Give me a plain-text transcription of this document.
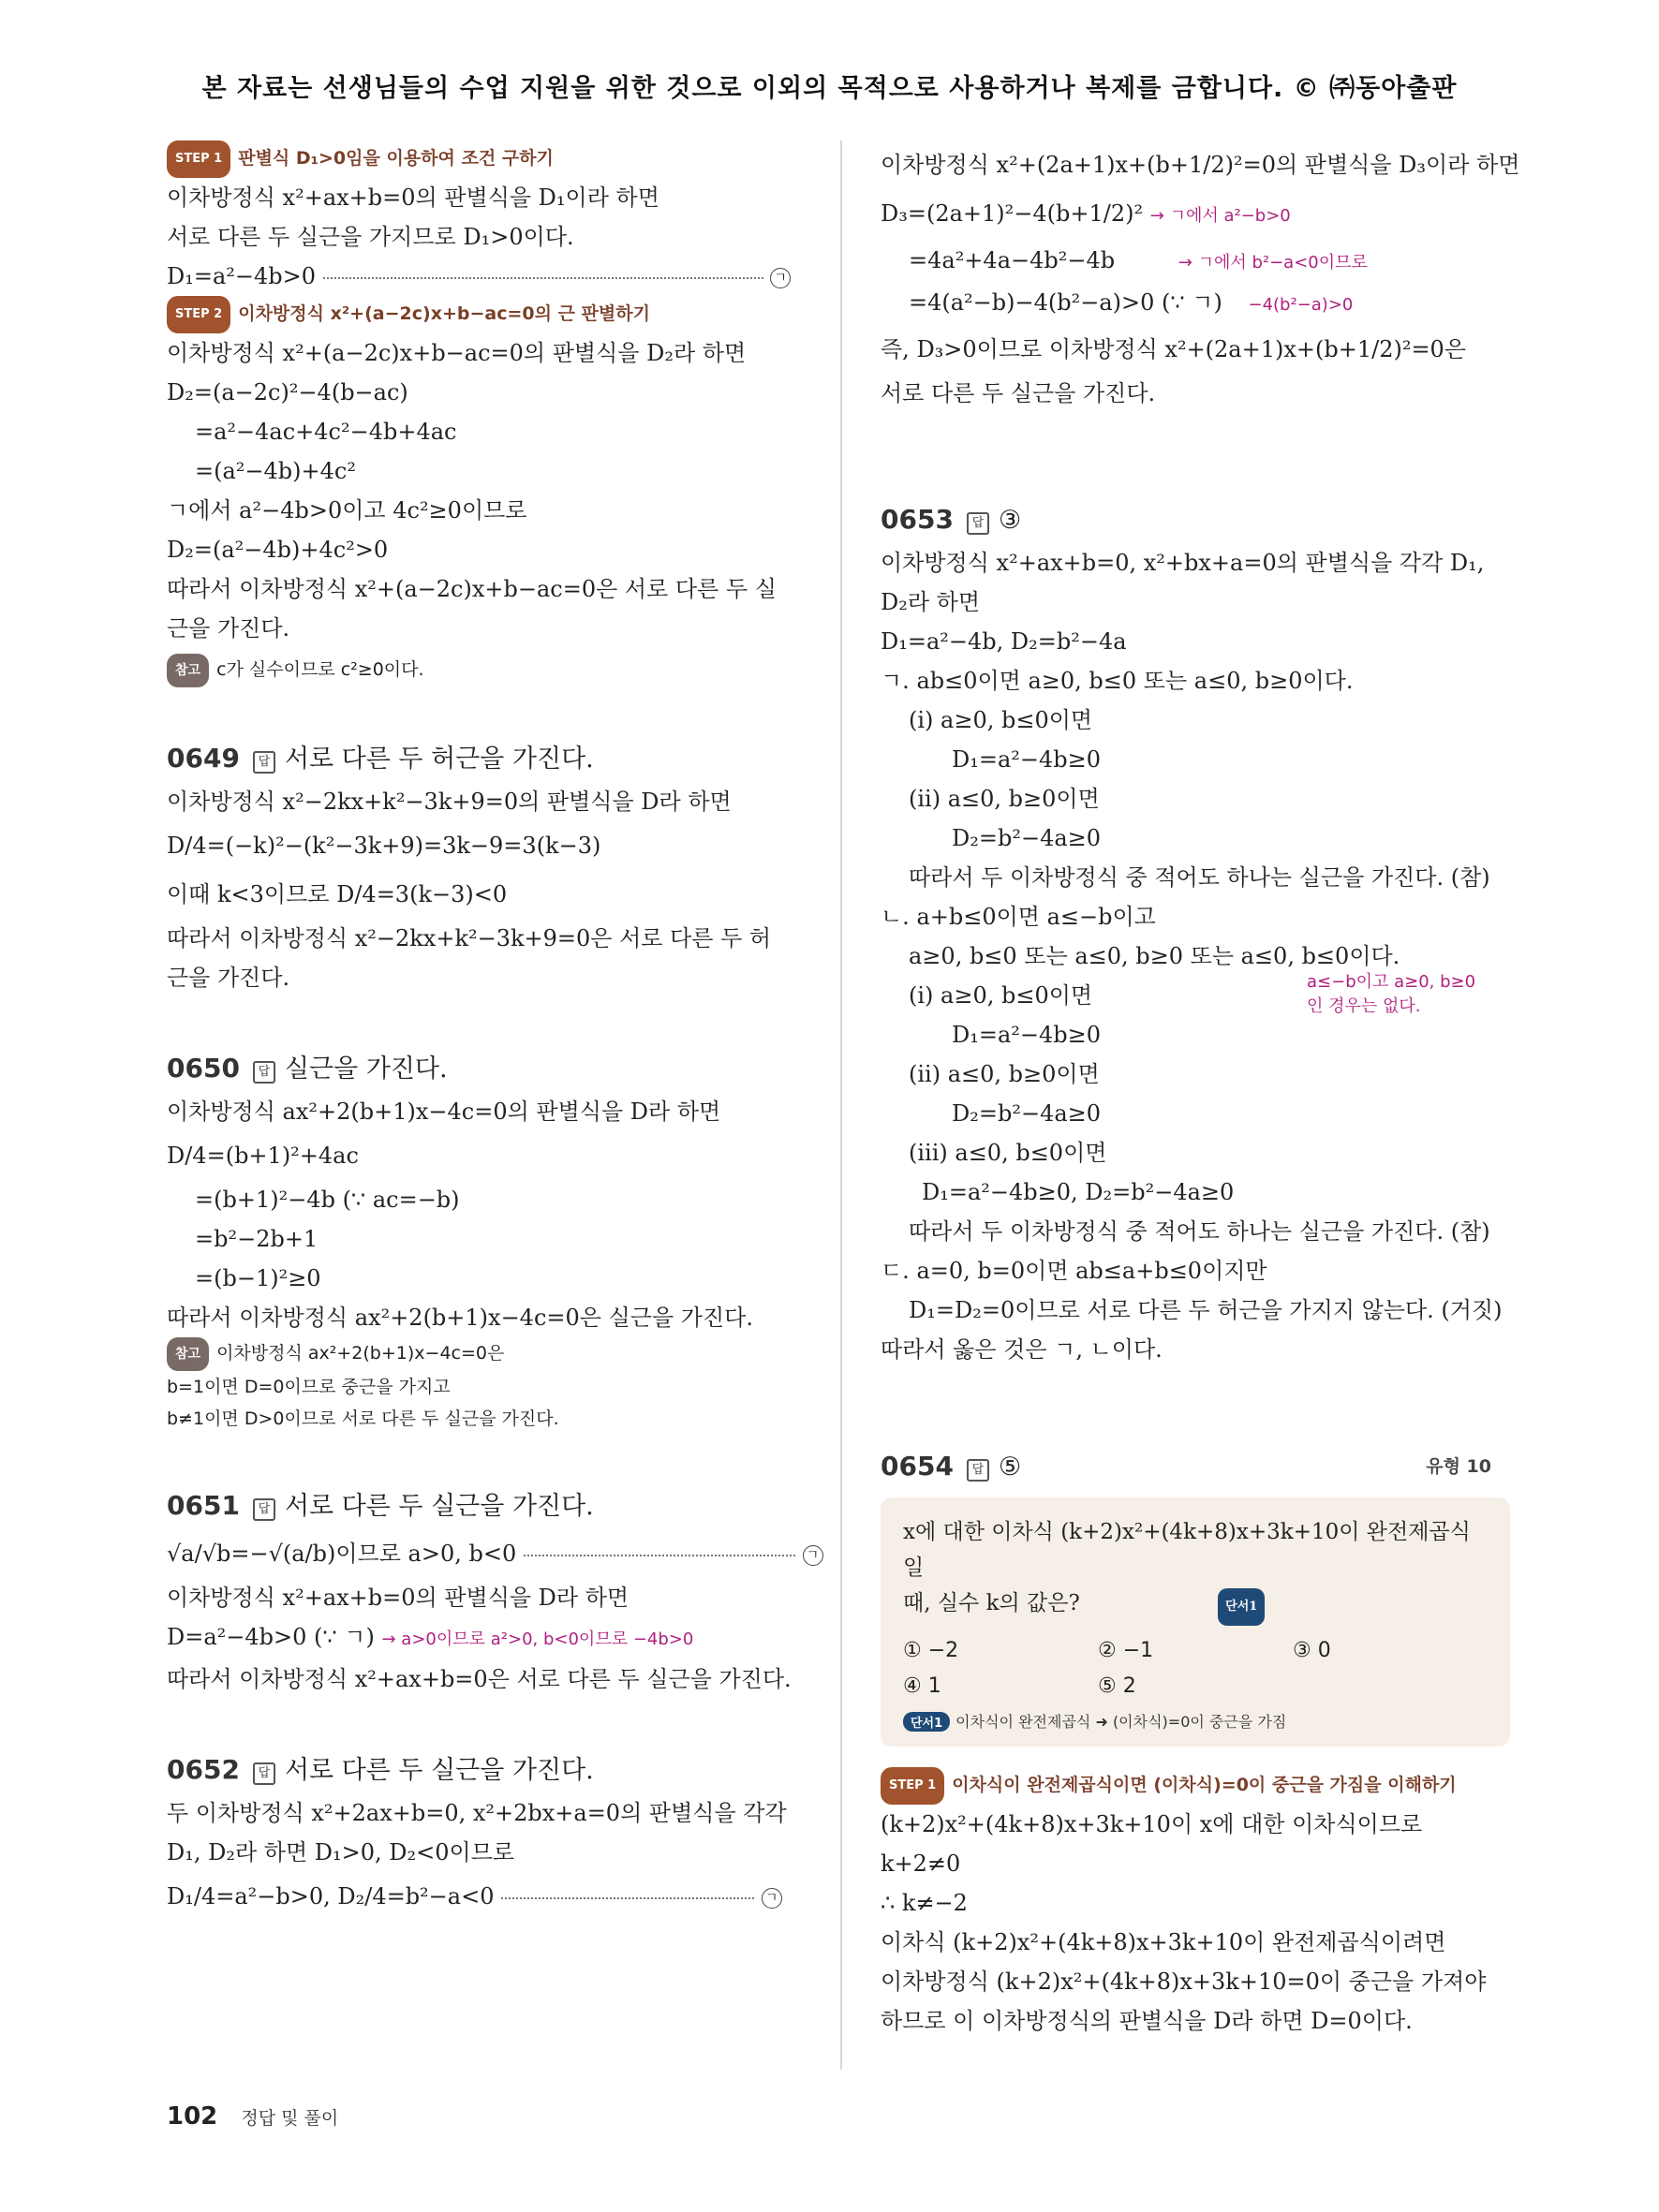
본 자료는 선생님들의 수업 지원을 위한 것으로 이외의 목적으로 사용하거나 복제를 금합니다. © ㈜동아출판
STEP 1 판별식 D₁>0임을 이용하여 조건 구하기
이차방정식 x²+ax+b=0의 판별식을 D₁이라 하면
서로 다른 두 실근을 가지므로 D₁>0이다.
D₁=a²−4b>0	ㄱ
STEP 2 이차방정식 x²+(a−2c)x+b−ac=0의 근 판별하기
이차방정식 x²+(a−2c)x+b−ac=0의 판별식을 D₂라 하면
D₂=(a−2c)²−4(b−ac)
=a²−4ac+4c²−4b+4ac
=(a²−4b)+4c²
ㄱ에서 a²−4b>0이고 4c²≥0이므로
D₂=(a²−4b)+4c²>0
따라서 이차방정식 x²+(a−2c)x+b−ac=0은 서로 다른 두 실
근을 가진다.
참고 c가 실수이므로 c²≥0이다.
0649 답 서로 다른 두 허근을 가진다.
이차방정식 x²−2kx+k²−3k+9=0의 판별식을 D라 하면
D/4=(−k)²−(k²−3k+9)=3k−9=3(k−3)
이때 k<3이므로 D/4=3(k−3)<0
따라서 이차방정식 x²−2kx+k²−3k+9=0은 서로 다른 두 허
근을 가진다.
0650 답 실근을 가진다.
이차방정식 ax²+2(b+1)x−4c=0의 판별식을 D라 하면
D/4=(b+1)²+4ac
=(b+1)²−4b (∵ ac=−b)
=b²−2b+1
=(b−1)²≥0
따라서 이차방정식 ax²+2(b+1)x−4c=0은 실근을 가진다.
참고 이차방정식 ax²+2(b+1)x−4c=0은
b=1이면 D=0이므로 중근을 가지고
b≠1이면 D>0이므로 서로 다른 두 실근을 가진다.
0651 답 서로 다른 두 실근을 가진다.
√a/√b=−√(a/b)이므로 a>0, b<0	ㄱ
이차방정식 x²+ax+b=0의 판별식을 D라 하면
D=a²−4b>0 (∵ ㄱ) → a>0이므로 a²>0, b<0이므로 −4b>0
따라서 이차방정식 x²+ax+b=0은 서로 다른 두 실근을 가진다.
0652 답 서로 다른 두 실근을 가진다.
두 이차방정식 x²+2ax+b=0, x²+2bx+a=0의 판별식을 각각
D₁, D₂라 하면 D₁>0, D₂<0이므로
D₁/4=a²−b>0, D₂/4=b²−a<0	ㄱ
이차방정식 x²+(2a+1)x+(b+1/2)²=0의 판별식을 D₃이라 하면
D₃=(2a+1)²−4(b+1/2)² → ㄱ에서 a²−b>0
=4a²+4a−4b²−4b	→ ㄱ에서 b²−a<0이므로
=4(a²−b)−4(b²−a)>0 (∵ ㄱ) −4(b²−a)>0
즉, D₃>0이므로 이차방정식 x²+(2a+1)x+(b+1/2)²=0은
서로 다른 두 실근을 가진다.
0653 답 ③
이차방정식 x²+ax+b=0, x²+bx+a=0의 판별식을 각각 D₁,
D₂라 하면
D₁=a²−4b, D₂=b²−4a
ㄱ. ab≤0이면 a≥0, b≤0 또는 a≤0, b≥0이다.
(i) a≥0, b≤0이면
D₁=a²−4b≥0
(ii) a≤0, b≥0이면
D₂=b²−4a≥0
따라서 두 이차방정식 중 적어도 하나는 실근을 가진다. (참)
ㄴ. a+b≤0이면 a≤−b이고
a≥0, b≤0 또는 a≤0, b≥0 또는 a≤0, b≤0이다.
(i) a≥0, b≤0이면
a≤−b이고 a≥0, b≥0
인 경우는 없다.
D₁=a²−4b≥0
(ii) a≤0, b≥0이면
D₂=b²−4a≥0
(iii) a≤0, b≤0이면
D₁=a²−4b≥0, D₂=b²−4a≥0
따라서 두 이차방정식 중 적어도 하나는 실근을 가진다. (참)
ㄷ. a=0, b=0이면 ab≤a+b≤0이지만
D₁=D₂=0이므로 서로 다른 두 허근을 가지지 않는다. (거짓)
따라서 옳은 것은 ㄱ, ㄴ이다.
0654 답 ⑤	유형 10
x에 대한 이차식 (k+2)x²+(4k+8)x+3k+10이 완전제곱식일
때, 실수 k의 값은?	단서1
① −2	② −1	③ 0
④ 1	⑤ 2
단서1 이차식이 완전제곱식 ➜ (이차식)=0이 중근을 가짐
STEP 1 이차식이 완전제곱식이면 (이차식)=0이 중근을 가짐을 이해하기
(k+2)x²+(4k+8)x+3k+10이 x에 대한 이차식이므로
k+2≠0
∴ k≠−2
이차식 (k+2)x²+(4k+8)x+3k+10이 완전제곱식이려면
이차방정식 (k+2)x²+(4k+8)x+3k+10=0이 중근을 가져야
하므로 이 이차방정식의 판별식을 D라 하면 D=0이다.
102 정답 및 풀이
